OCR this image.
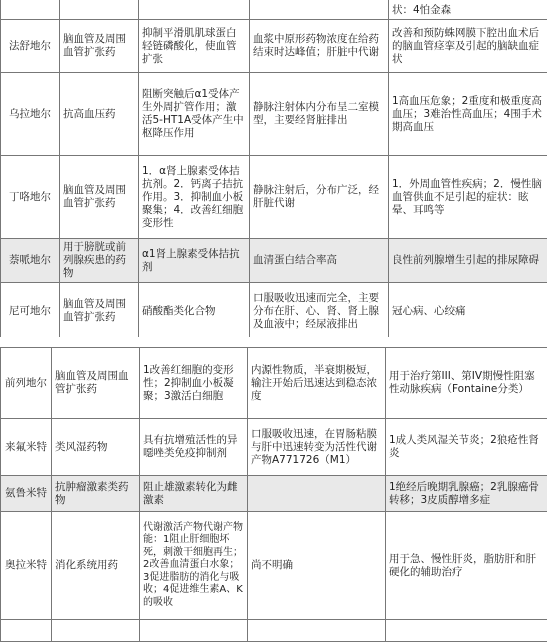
				状：4怕金森
法舒地尔	脑血管及周围血管扩张药	抑制平滑肌肌球蛋白轻链磷酸化，使血管扩张	血浆中原形药物浓度在给药结束时达峰值；肝脏中代谢	改善和预防蛛网膜下腔出血术后的脑血管痉挛及引起的脑缺血症状
乌拉地尔	抗高血压药	阻断突触后α1受体产生外周扩管作用；激活5-HT1A受体产生中枢降压作用	静脉注射体内分布呈二室模型，主要经肾脏排出	1高血压危象；2重度和极重度高血压；3难治性高血压；4围手术期高血压
丁咯地尔	脑血管及周围血管扩张药	1．α肾上腺素受体拮抗剂。2．钙离子拮抗作用。3．抑制血小板聚集；4．改善红细胞变形性	静脉注射后，分布广泛，经肝脏代谢	1．外周血管性疾病；2．慢性脑血管供血不足引起的症状：眩晕、耳鸣等
萘哌地尔	用于膀胱或前列腺疾患的药物	α1肾上腺素受体拮抗剂	血清蛋白结合率高	良性前列腺增生引起的排尿障碍
尼可地尔	脑血管及周围血管扩张药	硝酸酯类化合物	口服吸收迅速而完全，主要分布在肝、心、肾、肾上腺及血液中；经尿液排出	冠心病、心绞痛
前列地尔	脑血管及周围血管扩张药	1改善红细胞的变形性；2抑制血小板凝聚；3激活白细胞	内源性物质，半衰期极短，输注开始后迅速达到稳态浓度	用于治疗第III、第IV期慢性阻塞性动脉疾病（Fontaine分类）
来氟米特	类风湿药物	具有抗增殖活性的异噁唑类免疫抑制剂	口服吸收迅速，在胃肠粘膜与肝中迅速转变为活性代谢产物A771726（M1）	1成人类风湿关节炎；2狼疮性肾炎
氨鲁米特	抗肿瘤激素类药物	阻止雄激素转化为雌激素		1绝经后晚期乳腺癌；2乳腺癌骨转移；3皮质醇增多症
奥拉米特	消化系统用药	代谢激活产物代谢产物能：1阻止肝细胞坏死，刺激干细胞再生；2改善血清蛋白水象；3促进脂肪的消化与吸收；4促进维生素A、K的吸收	尚不明确	用于急、慢性肝炎，脂肪肝和肝硬化的辅助治疗
